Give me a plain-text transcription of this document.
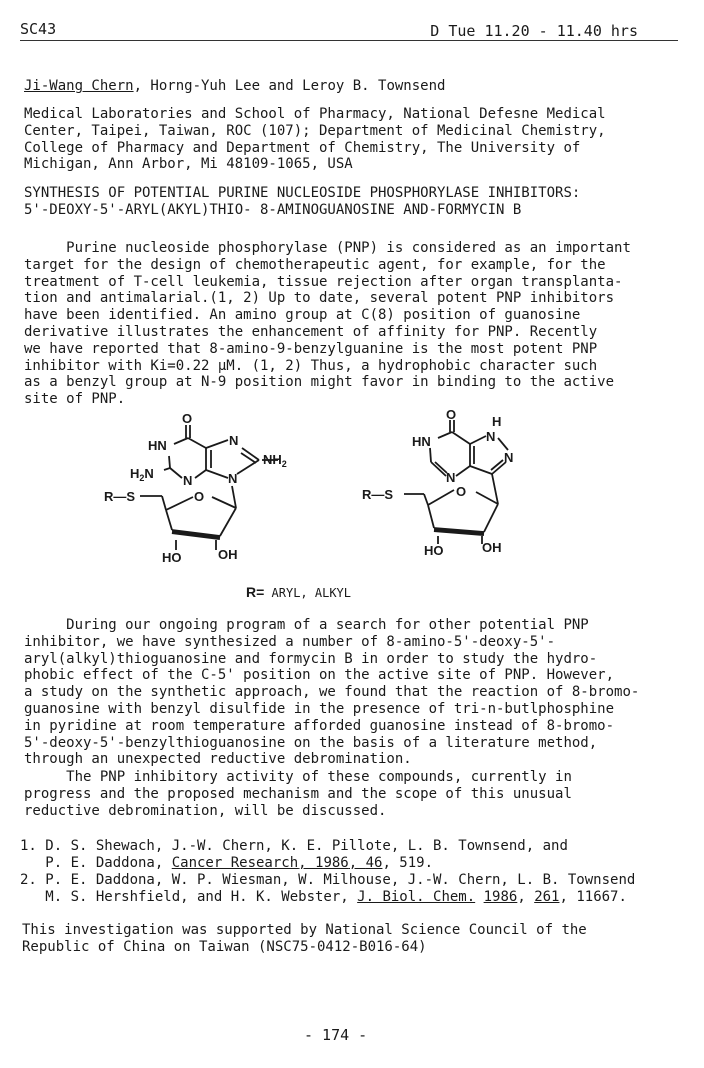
SC43	D Tue 11.20 - 11.40 hrs
Ji-Wang Chern, Horng-Yuh Lee and Leroy B. Townsend
Medical Laboratories and School of Pharmacy, National Defesne Medical
Center, Taipei, Taiwan, ROC (107); Department of Medicinal Chemistry,
College of Pharmacy and Department of Chemistry, The University of
Michigan, Ann Arbor, Mi 48109-1065, USA
SYNTHESIS OF POTENTIAL PURINE NUCLEOSIDE PHOSPHORYLASE INHIBITORS:
5'-DEOXY-5'-ARYL(AKYL)THIO- 8-AMINOGUANOSINE AND-FORMYCIN B
Purine nucleoside phosphorylase (PNP) is considered as an important
target for the design of chemotherapeutic agent, for example, for the
treatment of T-cell leukemia, tissue rejection after organ transplanta-
tion and antimalarial.(1, 2) Up to date, several potent PNP inhibitors
have been identified. An amino group at C(8) position of guanosine
derivative illustrates the enhancement of affinity for PNP. Recently
we have reported that 8-amino-9-benzylguanine is the most potent PNP
inhibitor with Ki=0.22 µM. (1, 2) Thus, a hydrophobic character such
as a benzyl group at N-9 position might favor in binding to the active
site of PNP.
O
HN	N
$NH_2$
$H_2N$ N	N
R—S	O
HO	OH
O	H
HN	N
N
N
R—S	O
HO	OH
R= ARYL, ALKYL
During our ongoing program of a search for other potential PNP
inhibitor, we have synthesized a number of 8-amino-5'-deoxy-5'-
aryl(alkyl)thioguanosine and formycin B in order to study the hydro-
phobic effect of the C-5' position on the active site of PNP. However,
a study on the synthetic approach, we found that the reaction of 8-bromo-
guanosine with benzyl disulfide in the presence of tri-n-butlphosphine
in pyridine at room temperature afforded guanosine instead of 8-bromo-
5'-deoxy-5'-benzylthioguanosine on the basis of a literature method,
through an unexpected reductive debromination.
The PNP inhibitory activity of these compounds, currently in
progress and the proposed mechanism and the scope of this unusual
reductive debromination, will be discussed.
1. D. S. Shewach, J.-W. Chern, K. E. Pillote, L. B. Townsend, and
P. E. Daddona, Cancer Research, 1986, 46, 519.
2. P. E. Daddona, W. P. Wiesman, W. Milhouse, J.-W. Chern, L. B. Townsend
M. S. Hershfield, and H. K. Webster, J. Biol. Chem. 1986, 261, 11667.
This investigation was supported by National Science Council of the
Republic of China on Taiwan (NSC75-0412-B016-64)
- 174 -
